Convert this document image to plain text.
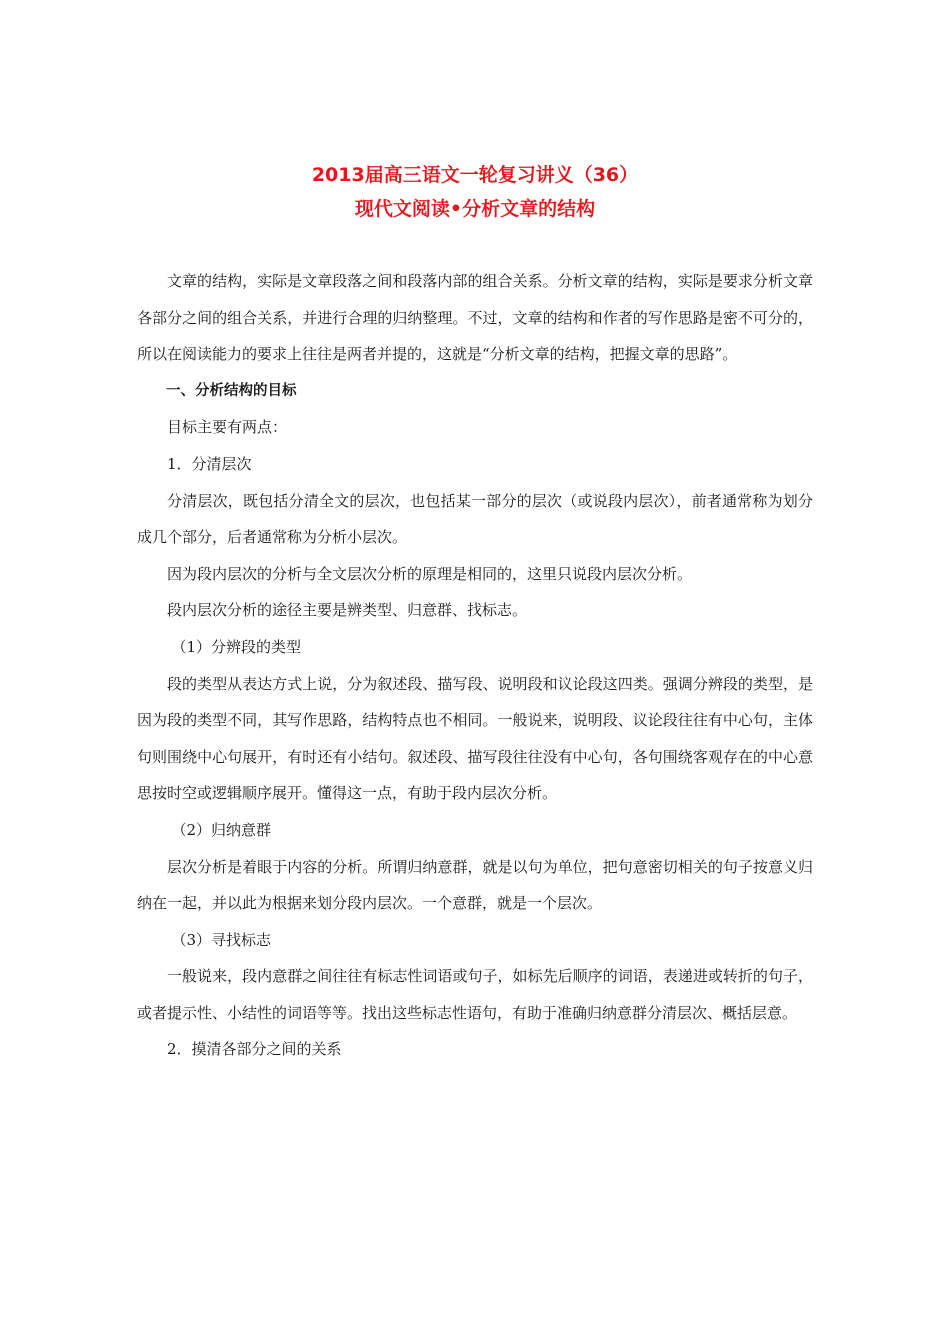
2013届高三语文一轮复习讲义（36）
现代文阅读•分析文章的结构

文章的结构，实际是文章段落之间和段落内部的组合关系。分析文章的结构，实际是要求分析文章各部分之间的组合关系，并进行合理的归纳整理。不过，文章的结构和作者的写作思路是密不可分的，所以在阅读能力的要求上往往是两者并提的，这就是“分析文章的结构，把握文章的思路”。

一、分析结构的目标

目标主要有两点：

1．分清层次

分清层次，既包括分清全文的层次，也包括某一部分的层次（或说段内层次），前者通常称为划分成几个部分，后者通常称为分析小层次。

因为段内层次的分析与全文层次分析的原理是相同的，这里只说段内层次分析。

段内层次分析的途径主要是辨类型、归意群、找标志。

（1）分辨段的类型

段的类型从表达方式上说，分为叙述段、描写段、说明段和议论段这四类。强调分辨段的类型，是因为段的类型不同，其写作思路，结构特点也不相同。一般说来，说明段、议论段往往有中心句，主体句则围绕中心句展开，有时还有小结句。叙述段、描写段往往没有中心句，各句围绕客观存在的中心意思按时空或逻辑顺序展开。懂得这一点，有助于段内层次分析。

（2）归纳意群

层次分析是着眼于内容的分析。所谓归纳意群，就是以句为单位，把句意密切相关的句子按意义归纳在一起，并以此为根据来划分段内层次。一个意群，就是一个层次。

（3）寻找标志

一般说来，段内意群之间往往有标志性词语或句子，如标先后顺序的词语，表递进或转折的句子，或者提示性、小结性的词语等等。找出这些标志性语句，有助于准确归纳意群分清层次、概括层意。

2．摸清各部分之间的关系
